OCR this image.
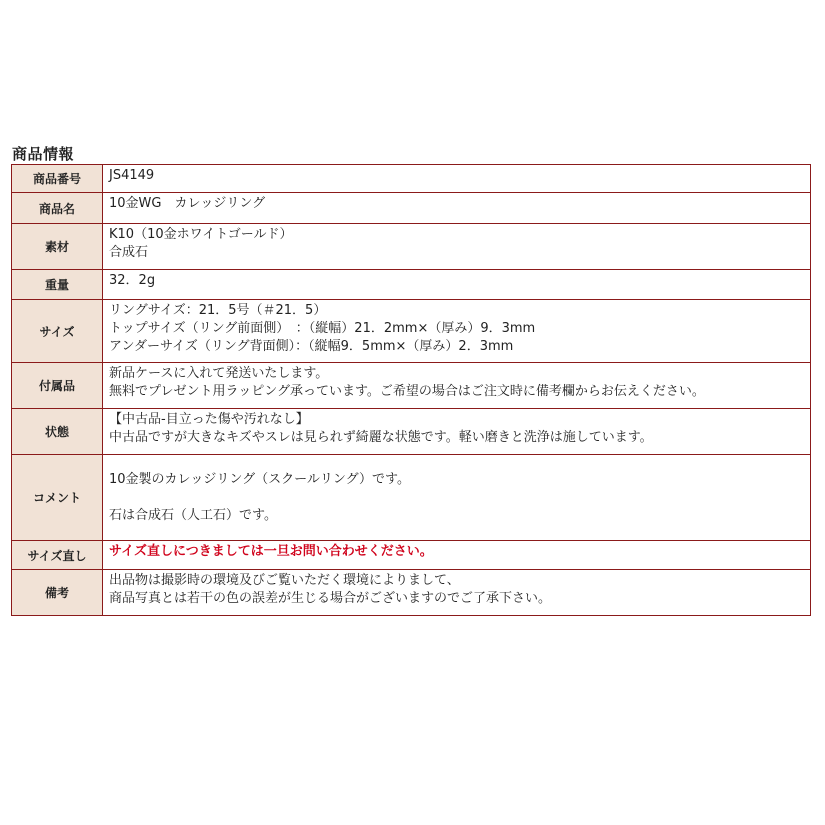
商品情報
商品番号	JS4149

商品名	10金WG　カレッジリング

素材	K10（10金ホワイトゴールド）
合成石

重量	32．2g

サイズ	リングサイズ：21．5号（＃21．5）
トップサイズ（リング前面側）　：（縦幅）21．2mm×（厚み）9．3mm
アンダーサイズ（リング背面側）：（縦幅9．5mm×（厚み）2．3mm

付属品	新品ケースに入れて発送いたします。
無料でプレゼント用ラッピング承っています。ご希望の場合はご注文時に備考欄からお伝えください。

状態	【中古品-目立った傷や汚れなし】
中古品ですが大きなキズやスレは見られず綺麗な状態です。軽い磨きと洗浄は施しています。

コメント	10金製のカレッジリング（スクールリング）です。
石は合成石（人工石）です。

サイズ直し	サイズ直しにつきましては一旦お問い合わせください。

備考	出品物は撮影時の環境及びご覧いただく環境によりまして、
商品写真とは若干の色の誤差が生じる場合がございますのでご了承下さい。
